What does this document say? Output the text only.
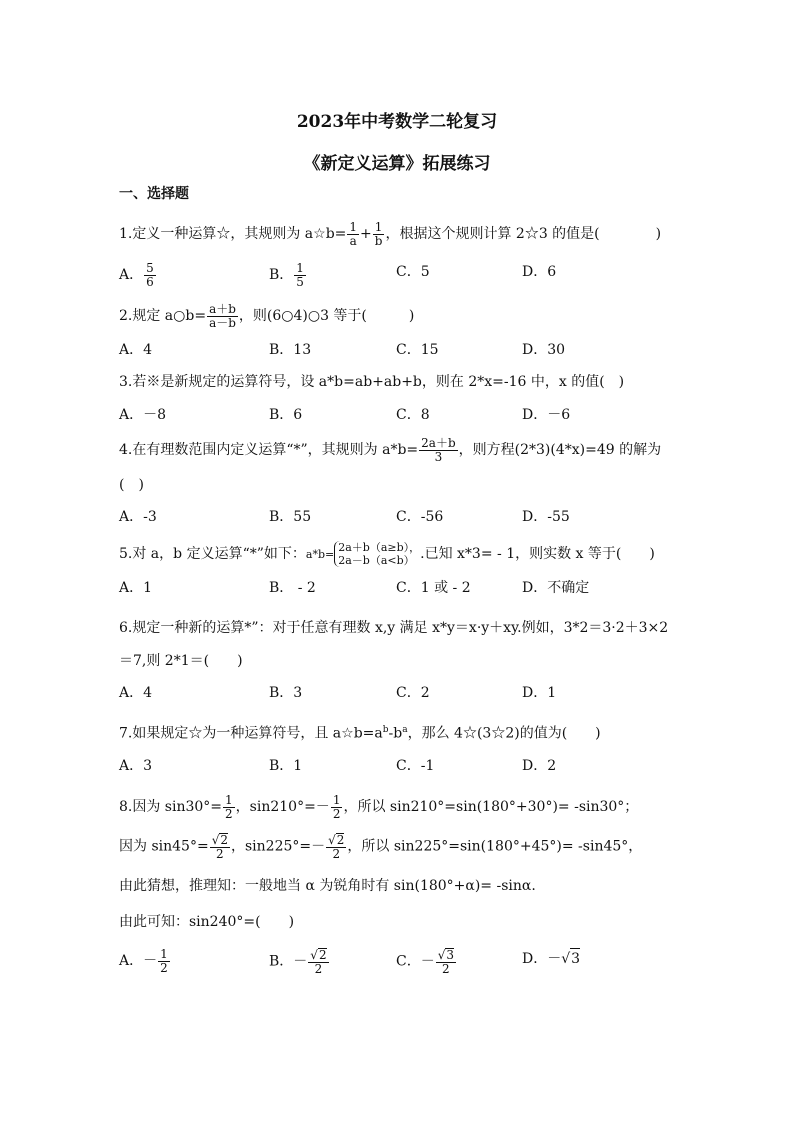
2023年中考数学二轮复习
《新定义运算》拓展练习
一、选择题
1.定义一种运算☆，其规则为 a☆b= $\frac{1}{a} + \frac{1}{b}$ ，根据这个规则计算 2☆3 的值是(　　　　)
A． $\frac{5}{6}$	B． $\frac{1}{5}$	C．5	D．6
2.规定 a○b= $\frac{a+b}{a-b}$ ，则(6○4)○3 等于(　　　)
A．4	B．13	C．15	D．30
3.若※是新规定的运算符号，设 a*b=ab+ab+b，则在 2*x=-16 中，x 的值(　)
A．－8	B．6	C．8	D．－6
4.在有理数范围内定义运算“*”，其规则为 $a*b= \frac{2a+b}{3}$ ，则方程(2*3)(4*x)=49 的解为
(　)
A．-3	B．55	C．-56	D．-55
5.对 a，b 定义运算“*”如下：a*b=
2a＋b（a≥b），
2a－b（a<b） .已知 x*3= - 1，则实数 x 等于(　　)
A．1	B． - 2	C．1 或 - 2	D．不确定
6.规定一种新的运算*”：对于任意有理数 x,y 满足 x*y＝x·y＋xy.例如，3*2＝3·2＋3×2
＝7,则 2*1＝(　　)
A．4	B．3	C．2	D．1
7.如果规定☆为一种运算符号，且 $a☆b=a^b-b^a$，那么 4☆(3☆2)的值为(　　)
A．3	B．1	C．-1	D．2
8.因为 $\sin 30^\circ= \frac{1}{2}$ ，$\sin 210^\circ=- \frac{1}{2}$ ，所以 sin210°=sin(180°+30°)= -sin30°；
因为 sin45°= √ $\frac{2}{2}$ ，sin225°=－ √ $\frac{2}{2}$ ，所以 sin225°=sin(180°+45°)= -sin45°，
由此猜想，推理知：一般地当 α 为锐角时有 sin(180°+α)= -sinα.
由此可知：sin240°=(　　)
A．－ $\frac{1}{2}$	B．－ √ $\frac{2}{2}$	C．－ √ $\frac{3}{2}$	D．－ √ 3
